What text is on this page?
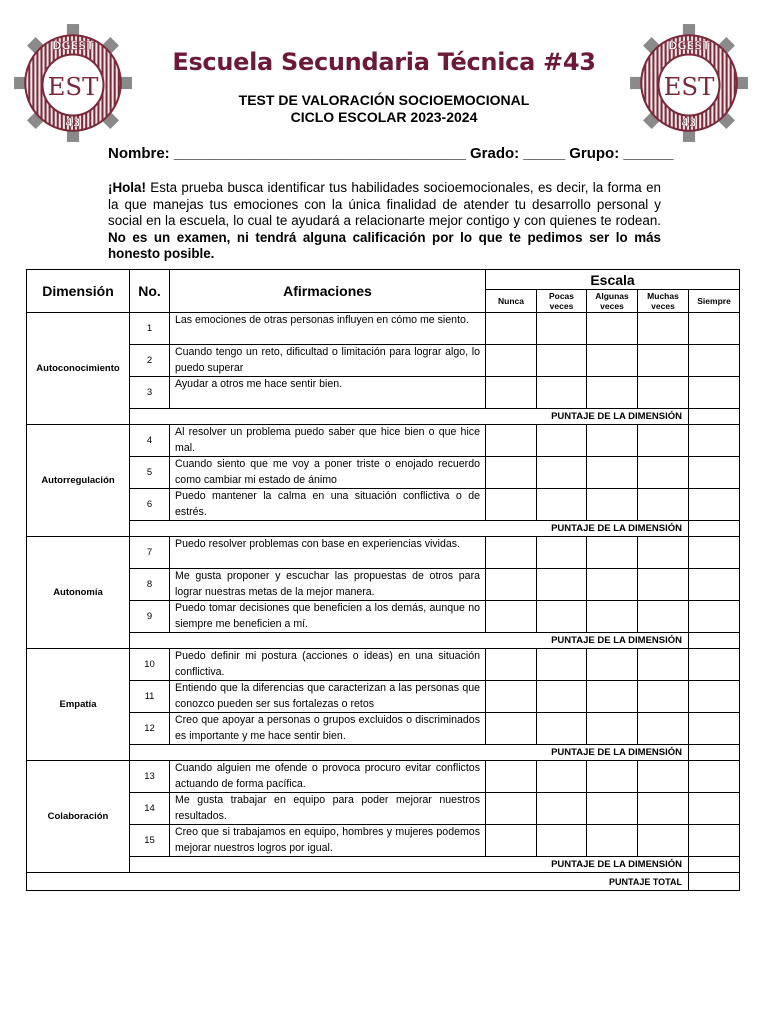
DGEST
EST
43
DGEST
EST
43
Escuela Secundaria Técnica #43
TEST DE VALORACIÓN SOCIOEMOCIONAL
CICLO ESCOLAR 2023-2024
Nombre: ___________________________________ Grado: _____ Grupo: ______
¡Hola! Esta prueba busca identificar tus habilidades socioemocionales, es decir, la forma en la que manejas tus emociones con la única finalidad de atender tu desarrollo personal y social en la escuela, lo cual te ayudará a relacionarte mejor contigo y con quienes te rodean. No es un examen, ni tendrá alguna calificación por lo que te pedimos ser lo más honesto posible.
Dimensión	No.	Afirmaciones	Escala				
			Nunca	Pocas veces	Algunas veces	Muchas veces	Siempre
Autoconocimiento	1	Las emociones de otras personas influyen en cómo me siento.					
	2	Cuando tengo un reto, dificultad o limitación para lograr algo, lo puedo superar					
	3	Ayudar a otros me hace sentir bien.					
	PUNTAJE DE LA DIMENSIÓN						
Autorregulación	4	Al resolver un problema puedo saber que hice bien o que hice mal.					
	5	Cuando siento que me voy a poner triste o enojado recuerdo como cambiar mi estado de ánimo					
	6	Puedo mantener la calma en una situación conflictiva o de estrés.					
	PUNTAJE DE LA DIMENSIÓN						
Autonomía	7	Puedo resolver problemas con base en experiencias vividas.					
	8	Me gusta proponer y escuchar las propuestas de otros para lograr nuestras metas de la mejor manera.					
	9	Puedo tomar decisiones que beneficien a los demás, aunque no siempre me beneficien a mí.					
	PUNTAJE DE LA DIMENSIÓN						
Empatía	10	Puedo definir mi postura (acciones o ideas) en una situación conflictiva.					
	11	Entiendo que la diferencias que caracterizan a las personas que conozco pueden ser sus fortalezas o retos					
	12	Creo que apoyar a personas o grupos excluidos o discriminados es importante y me hace sentir bien.					
	PUNTAJE DE LA DIMENSIÓN						
Colaboración	13	Cuando alguien me ofende o provoca procuro evitar conflictos actuando de forma pacífica.					
	14	Me gusta trabajar en equipo para poder mejorar nuestros resultados.					
	15	Creo que si trabajamos en equipo, hombres y mujeres podemos mejorar nuestros logros por igual.					
	PUNTAJE DE LA DIMENSIÓN						
PUNTAJE TOTAL							
